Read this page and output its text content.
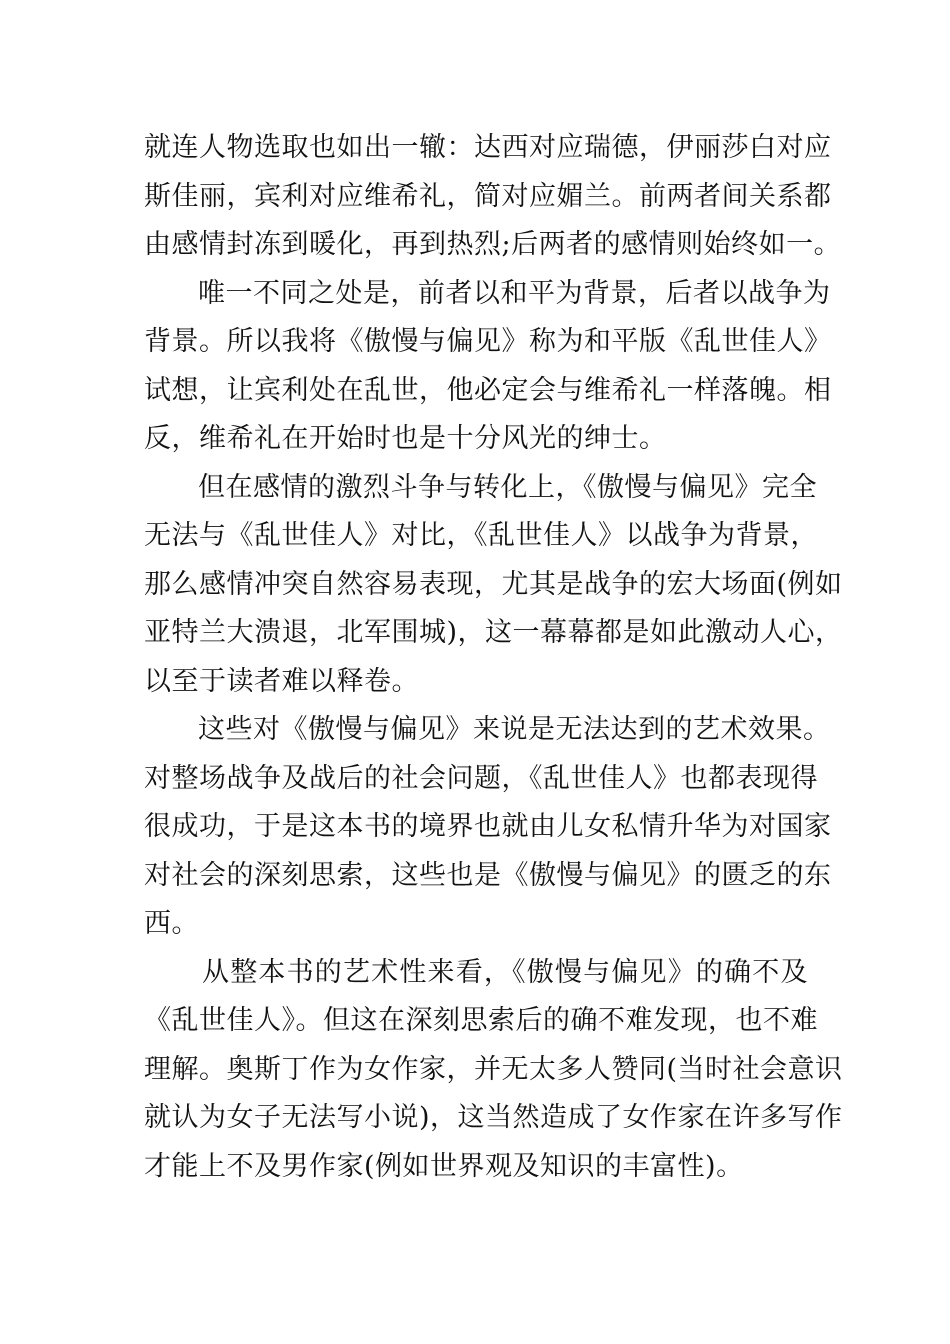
就连人物选取也如出一辙：达西对应瑞德，伊丽莎白对应
斯佳丽，宾利对应维希礼，简对应媚兰。前两者间关系都
由感情封冻到暖化，再到热烈;后两者的感情则始终如一。
唯一不同之处是，前者以和平为背景，后者以战争为
背景。所以我将《傲慢与偏见》称为和平版《乱世佳人》
试想，让宾利处在乱世，他必定会与维希礼一样落魄。相
反，维希礼在开始时也是十分风光的绅士。
但在感情的激烈斗争与转化上，《傲慢与偏见》完全
无法与《乱世佳人》对比，《乱世佳人》以战争为背景，
那么感情冲突自然容易表现，尤其是战争的宏大场面(例如
亚特兰大溃退，北军围城)，这一幕幕都是如此激动人心，
以至于读者难以释卷。
这些对《傲慢与偏见》来说是无法达到的艺术效果。
对整场战争及战后的社会问题，《乱世佳人》也都表现得
很成功，于是这本书的境界也就由儿女私情升华为对国家
对社会的深刻思索，这些也是《傲慢与偏见》的匮乏的东
西。
从整本书的艺术性来看，《傲慢与偏见》的确不及
《乱世佳人》。但这在深刻思索后的确不难发现，也不难
理解。奥斯丁作为女作家，并无太多人赞同(当时社会意识
就认为女子无法写小说)，这当然造成了女作家在许多写作
才能上不及男作家(例如世界观及知识的丰富性)。
